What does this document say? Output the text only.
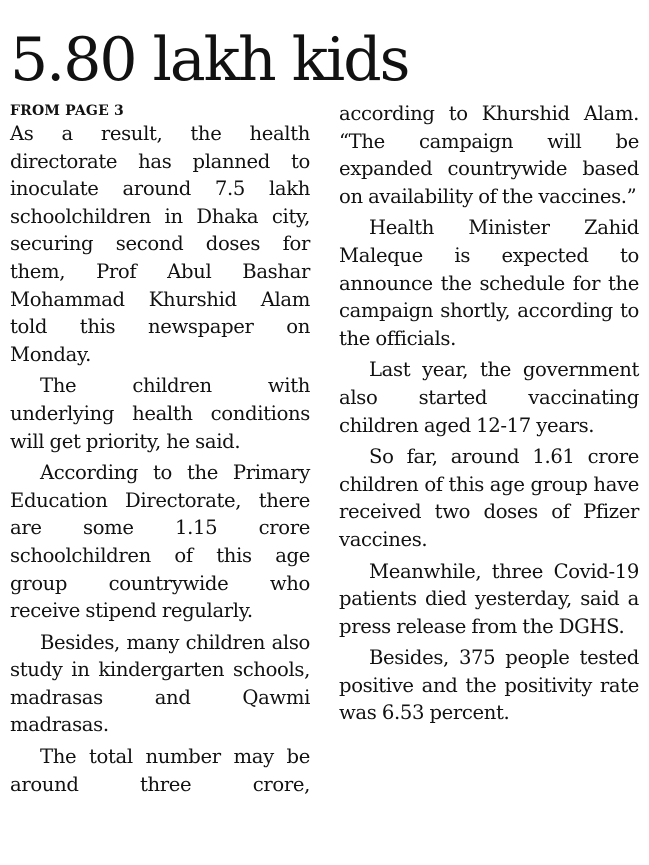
5.80 lakh kids

FROM PAGE 3

As a result, the health directorate has planned to inoculate around 7.5 lakh schoolchildren in Dhaka city, securing second doses for them, Prof Abul Bashar Mohammad Khurshid Alam told this newspaper on Monday.

The children with underlying health conditions will get priority, he said.

According to the Primary Education Directorate, there are some 1.15 crore schoolchildren of this age group countrywide who receive stipend regularly.

Besides, many children also study in kindergarten schools, madrasas and Qawmi madrasas.

The total number may be around three crore,

according to Khurshid Alam. “The campaign will be expanded countrywide based on availability of the vaccines.”

Health Minister Zahid Maleque is expected to announce the schedule for the campaign shortly, according to the officials.

Last year, the government also started vaccinating children aged 12-17 years.

So far, around 1.61 crore children of this age group have received two doses of Pfizer vaccines.

Meanwhile, three Covid-19 patients died yesterday, said a press release from the DGHS.

Besides, 375 people tested positive and the positivity rate was 6.53 percent.
